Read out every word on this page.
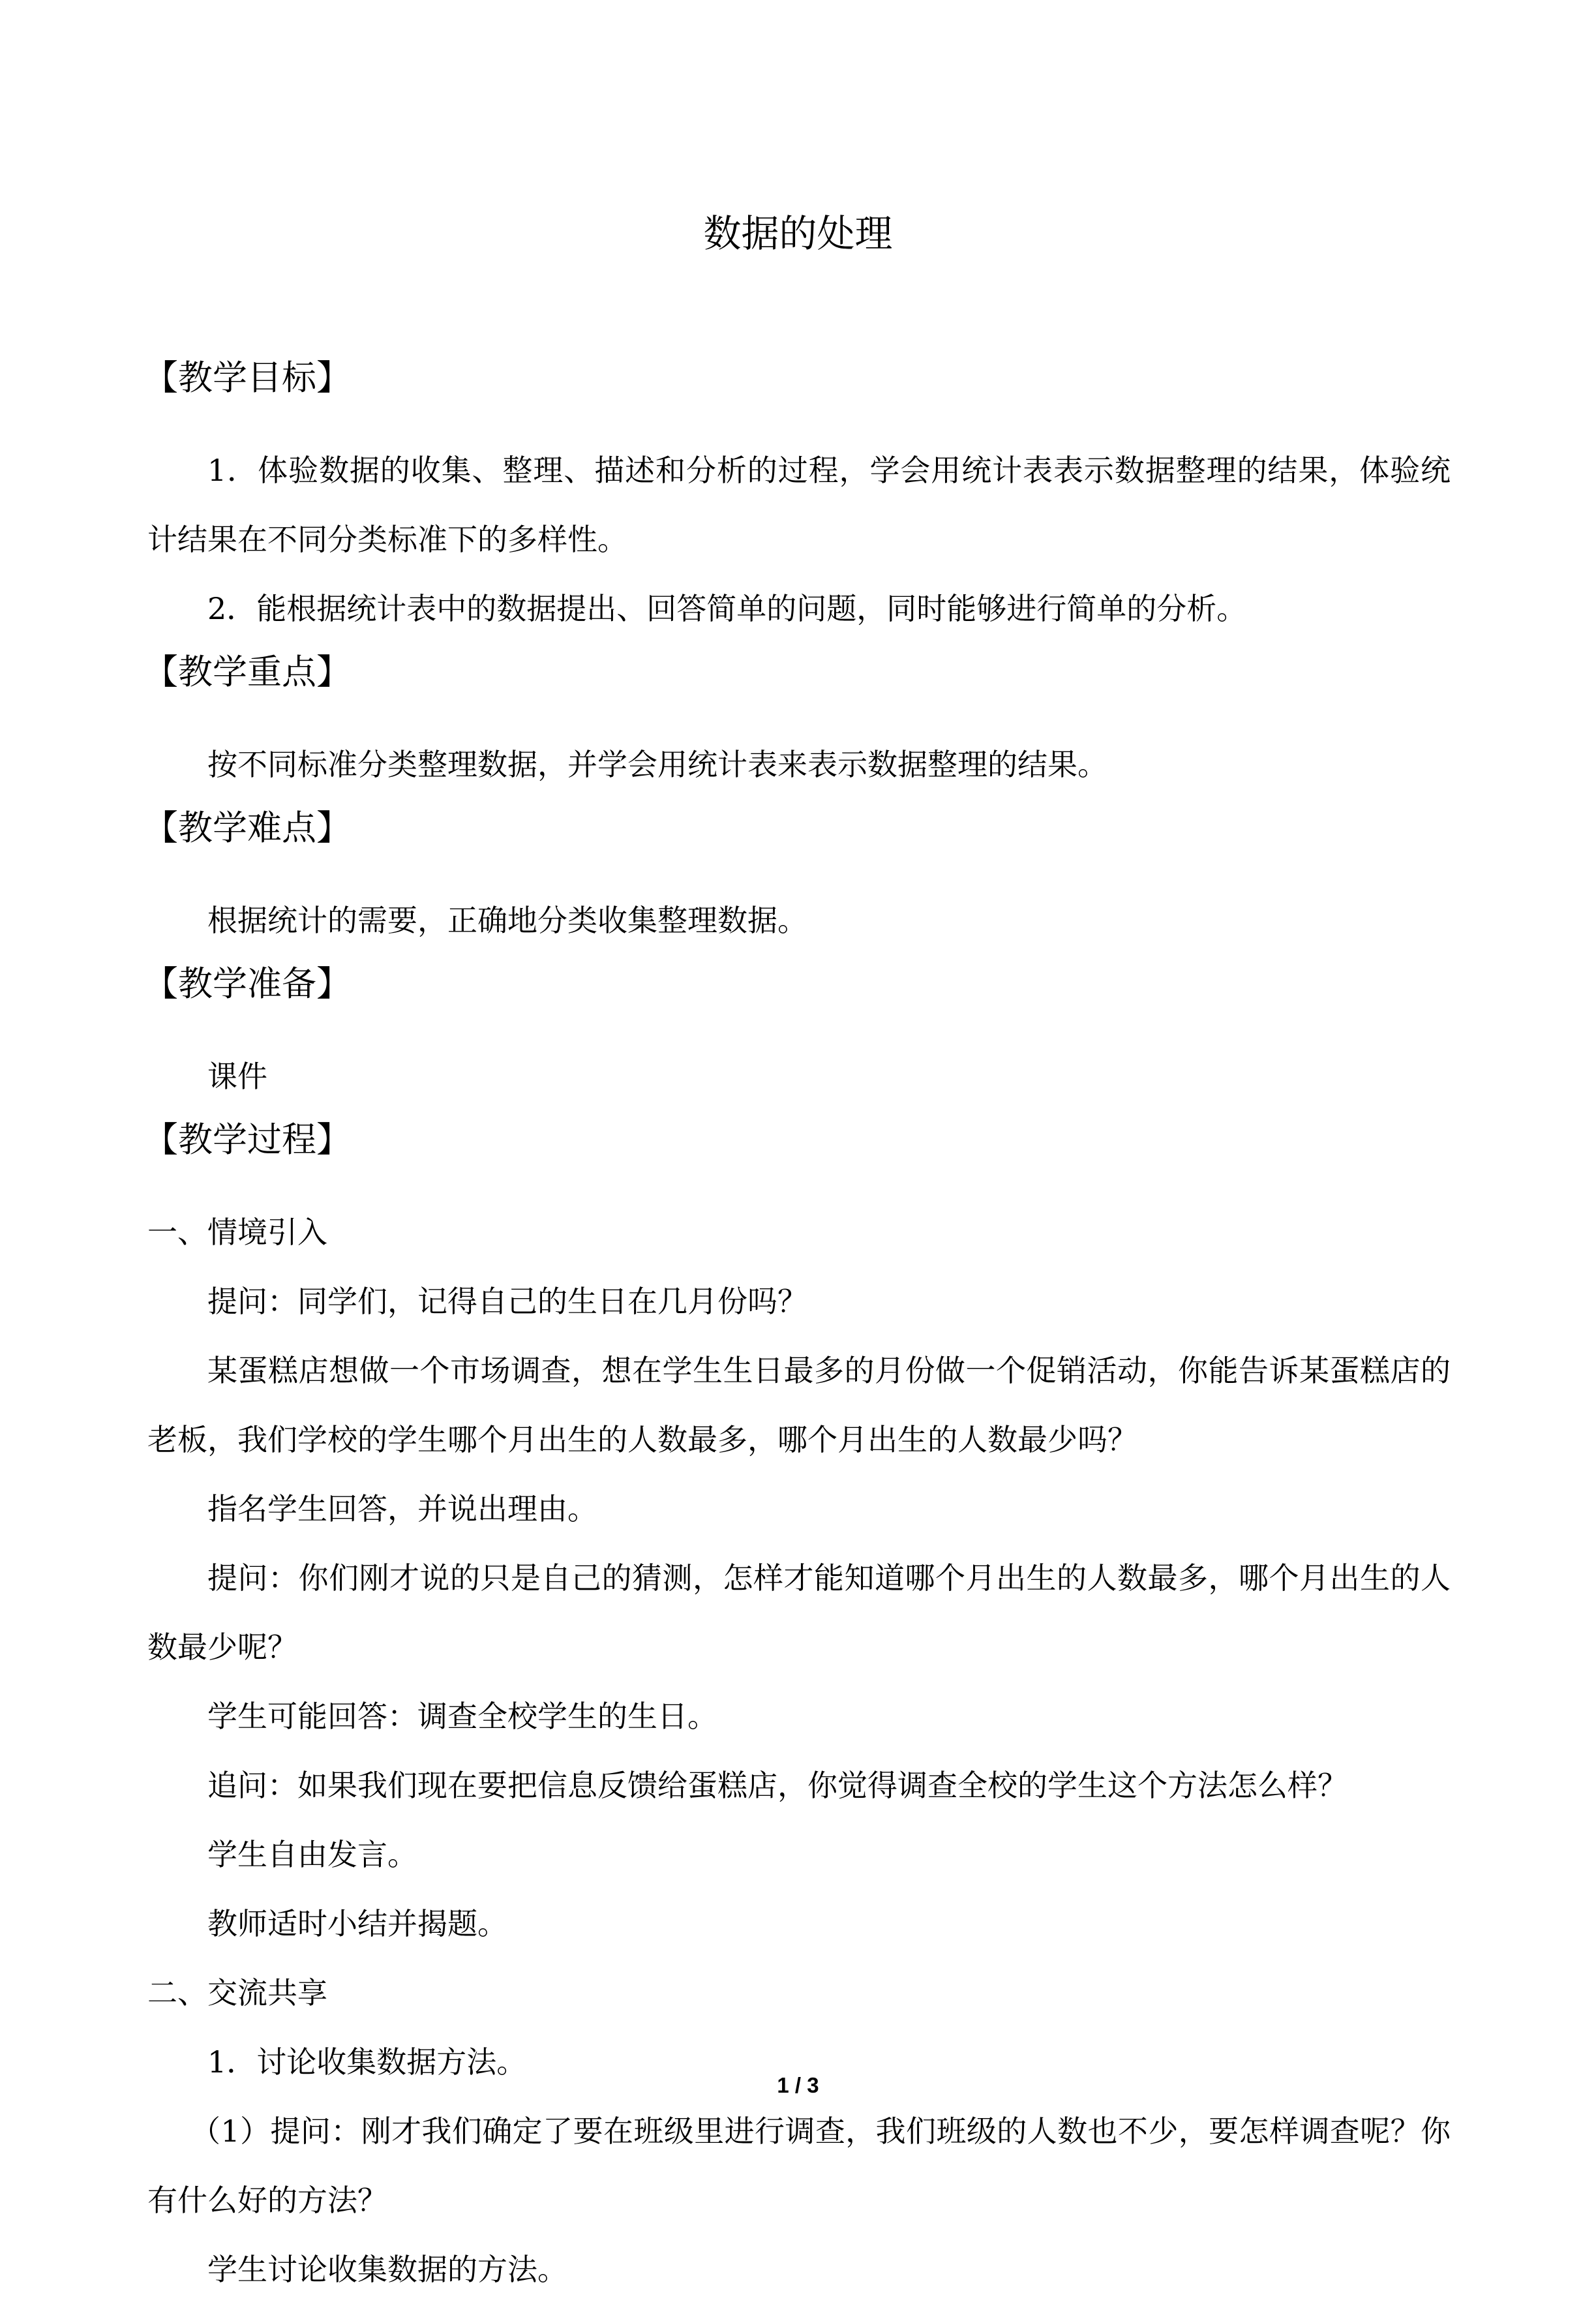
数据的处理
【教学目标】
1．体验数据的收集、整理、描述和分析的过程，学会用统计表表示数据整理的结果，体验统计结果在不同分类标准下的多样性。
2．能根据统计表中的数据提出、回答简单的问题，同时能够进行简单的分析。
【教学重点】
按不同标准分类整理数据，并学会用统计表来表示数据整理的结果。
【教学难点】
根据统计的需要，正确地分类收集整理数据。
【教学准备】
课件
【教学过程】
一、情境引入
提问：同学们，记得自己的生日在几月份吗？
某蛋糕店想做一个市场调查，想在学生生日最多的月份做一个促销活动，你能告诉某蛋糕店的老板，我们学校的学生哪个月出生的人数最多，哪个月出生的人数最少吗？
指名学生回答，并说出理由。
提问：你们刚才说的只是自己的猜测，怎样才能知道哪个月出生的人数最多，哪个月出生的人数最少呢？
学生可能回答：调查全校学生的生日。
追问：如果我们现在要把信息反馈给蛋糕店，你觉得调查全校的学生这个方法怎么样？
学生自由发言。
教师适时小结并揭题。
二、交流共享
1．讨论收集数据方法。
（1）提问：刚才我们确定了要在班级里进行调查，我们班级的人数也不少，要怎样调查呢？你有什么好的方法？
学生讨论收集数据的方法。
1 / 3
